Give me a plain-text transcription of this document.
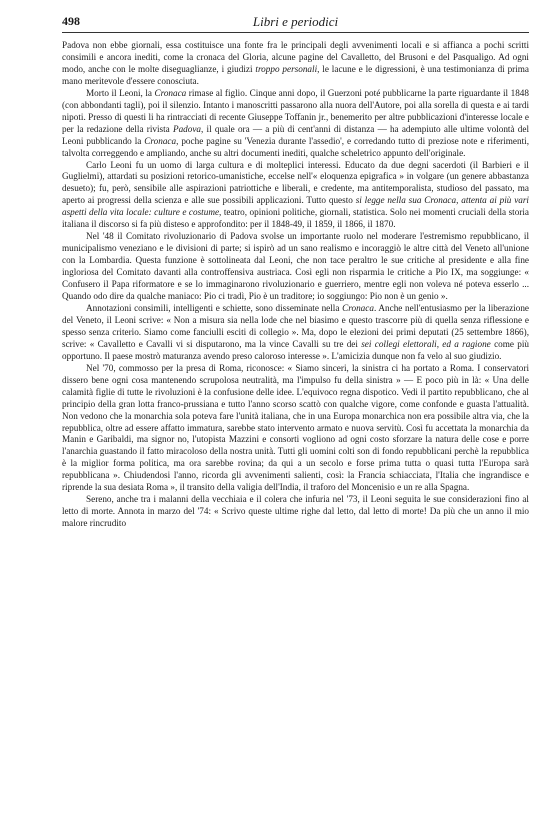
498	Libri e periodici

Padova non ebbe giornali, essa costituisce una fonte fra le principali degli avvenimenti locali e si affianca a pochi scritti consimili e ancora inediti, come la cronaca del Gloria, alcune pagine del Cavalletto, del Brusoni e del Pasqualigo. Ad ogni modo, anche con le molte diseguaglianze, i giudizi troppo personali, le lacune e le digressioni, è una testimonianza di prima mano meritevole d'essere conosciuta.

Morto il Leoni, la Cronaca rimase al figlio. Cinque anni dopo, il Guerzoni poté pubblicarne la parte riguardante il 1848 (con abbondanti tagli), poi il silenzio. Intanto i manoscritti passarono alla nuora dell'Autore, poi alla sorella di questa e ai tardi nipoti. Presso di questi li ha rintracciati di recente Giuseppe Toffanin jr., benemerito per altre pubblicazioni d'interesse locale e per la redazione della rivista Padova, il quale ora — a più di cent'anni di distanza — ha adempiuto alle ultime volontà del Leoni pubblicando la Cronaca, poche pagine su 'Venezia durante l'assedio', e corredando tutto di preziose note e riferimenti, talvolta correggendo e ampliando, anche su altri documenti inediti, qualche scheletrico appunto dell'originale.

Carlo Leoni fu un uomo di larga cultura e di molteplici interessi. Educato da due degni sacerdoti (il Barbieri e il Guglielmi), attardati su posizioni retorico-umanistiche, eccelse nell'« eloquenza epigrafica » in volgare (un genere abbastanza desueto); fu, però, sensibile alle aspirazioni patriottiche e liberali, e credente, ma antitemporalista, studioso del passato, ma aperto ai progressi della scienza e alle sue possibili applicazioni. Tutto questo si legge nella sua Cronaca, attenta ai più vari aspetti della vita locale: culture e costume, teatro, opinioni politiche, giornali, statistica. Solo nei momenti cruciali della storia italiana il discorso si fa più disteso e approfondito: per il 1848-49, il 1859, il 1866, il 1870.

Nel '48 il Comitato rivoluzionario di Padova svolse un importante ruolo nel moderare l'estremismo repubblicano, il municipalismo veneziano e le divisioni di parte; si ispirò ad un sano realismo e incoraggiò le altre città del Veneto all'unione con la Lombardia. Questa funzione è sottolineata dal Leoni, che non tace peraltro le sue critiche al presidente e alla fine ingloriosa del Comitato davanti alla controffensiva austriaca. Così egli non risparmia le critiche a Pio IX, ma soggiunge: « Confusero il Papa riformatore e se lo immaginarono rivoluzionario e guerriero, mentre egli non voleva né poteva esserlo ... Quando odo dire da qualche maniaco: Pio ci tradì, Pio è un traditore; io soggiungo: Pio non è un genio ».

Annotazioni consimili, intelligenti e schiette, sono disseminate nella Cronaca. Anche nell'entusiasmo per la liberazione del Veneto, il Leoni scrive: « Non a misura sia nella lode che nel biasimo e questo trascorre più di quella senza riflessione e spesso senza criterio. Siamo come fanciulli esciti di collegio ». Ma, dopo le elezioni dei primi deputati (25 settembre 1866), scrive: « Cavalletto e Cavalli vi si disputarono, ma la vince Cavalli su tre dei sei collegi elettorali, ed a ragione come più opportuno. Il paese mostrò maturanza avendo preso caloroso interesse ». L'amicizia dunque non fa velo al suo giudizio.

Nel '70, commosso per la presa di Roma, riconosce: « Siamo sinceri, la sinistra ci ha portato a Roma. I conservatori dissero bene ogni cosa mantenendo scrupolosa neutralità, ma l'impulso fu della sinistra » — E poco più in là: « Una delle calamità figlie di tutte le rivoluzioni è la confusione delle idee. L'equivoco regna dispotico. Vedi il partito repubblicano, che al principio della gran lotta franco-prussiana e tutto l'anno scorso scattò con qualche vigore, come confonde e guasta l'attualità. Non vedono che la monarchia sola poteva fare l'unità italiana, che in una Europa monarchica non era possibile altra via, che la repubblica, oltre ad essere affatto immatura, sarebbe stato intervento armato e nuova servitù. Così fu accettata la monarchia da Manin e Garibaldi, ma signor no, l'utopista Mazzini e consorti vogliono ad ogni costo sforzare la natura delle cose e porre l'anarchia guastando il fatto miracoloso della nostra unità. Tutti gli uomini colti son di fondo repubblicani perchè la repubblica è la miglior forma politica, ma ora sarebbe rovina; da qui a un secolo e forse prima tutta o quasi tutta l'Europa sarà repubblicana ». Chiudendosi l'anno, ricorda gli avvenimenti salienti, così: la Francia schiacciata, l'Italia che ingrandisce e riprende la sua desiata Roma », il transito della valigia dell'India, il traforo del Moncenisio e un re alla Spagna.

Sereno, anche tra i malanni della vecchiaia e il colera che infuria nel '73, il Leoni seguita le sue considerazioni fino al letto di morte. Annota in marzo del '74: « Scrivo queste ultime righe dal letto, dal letto di morte! Da più che un anno il mio malore rincrudito
